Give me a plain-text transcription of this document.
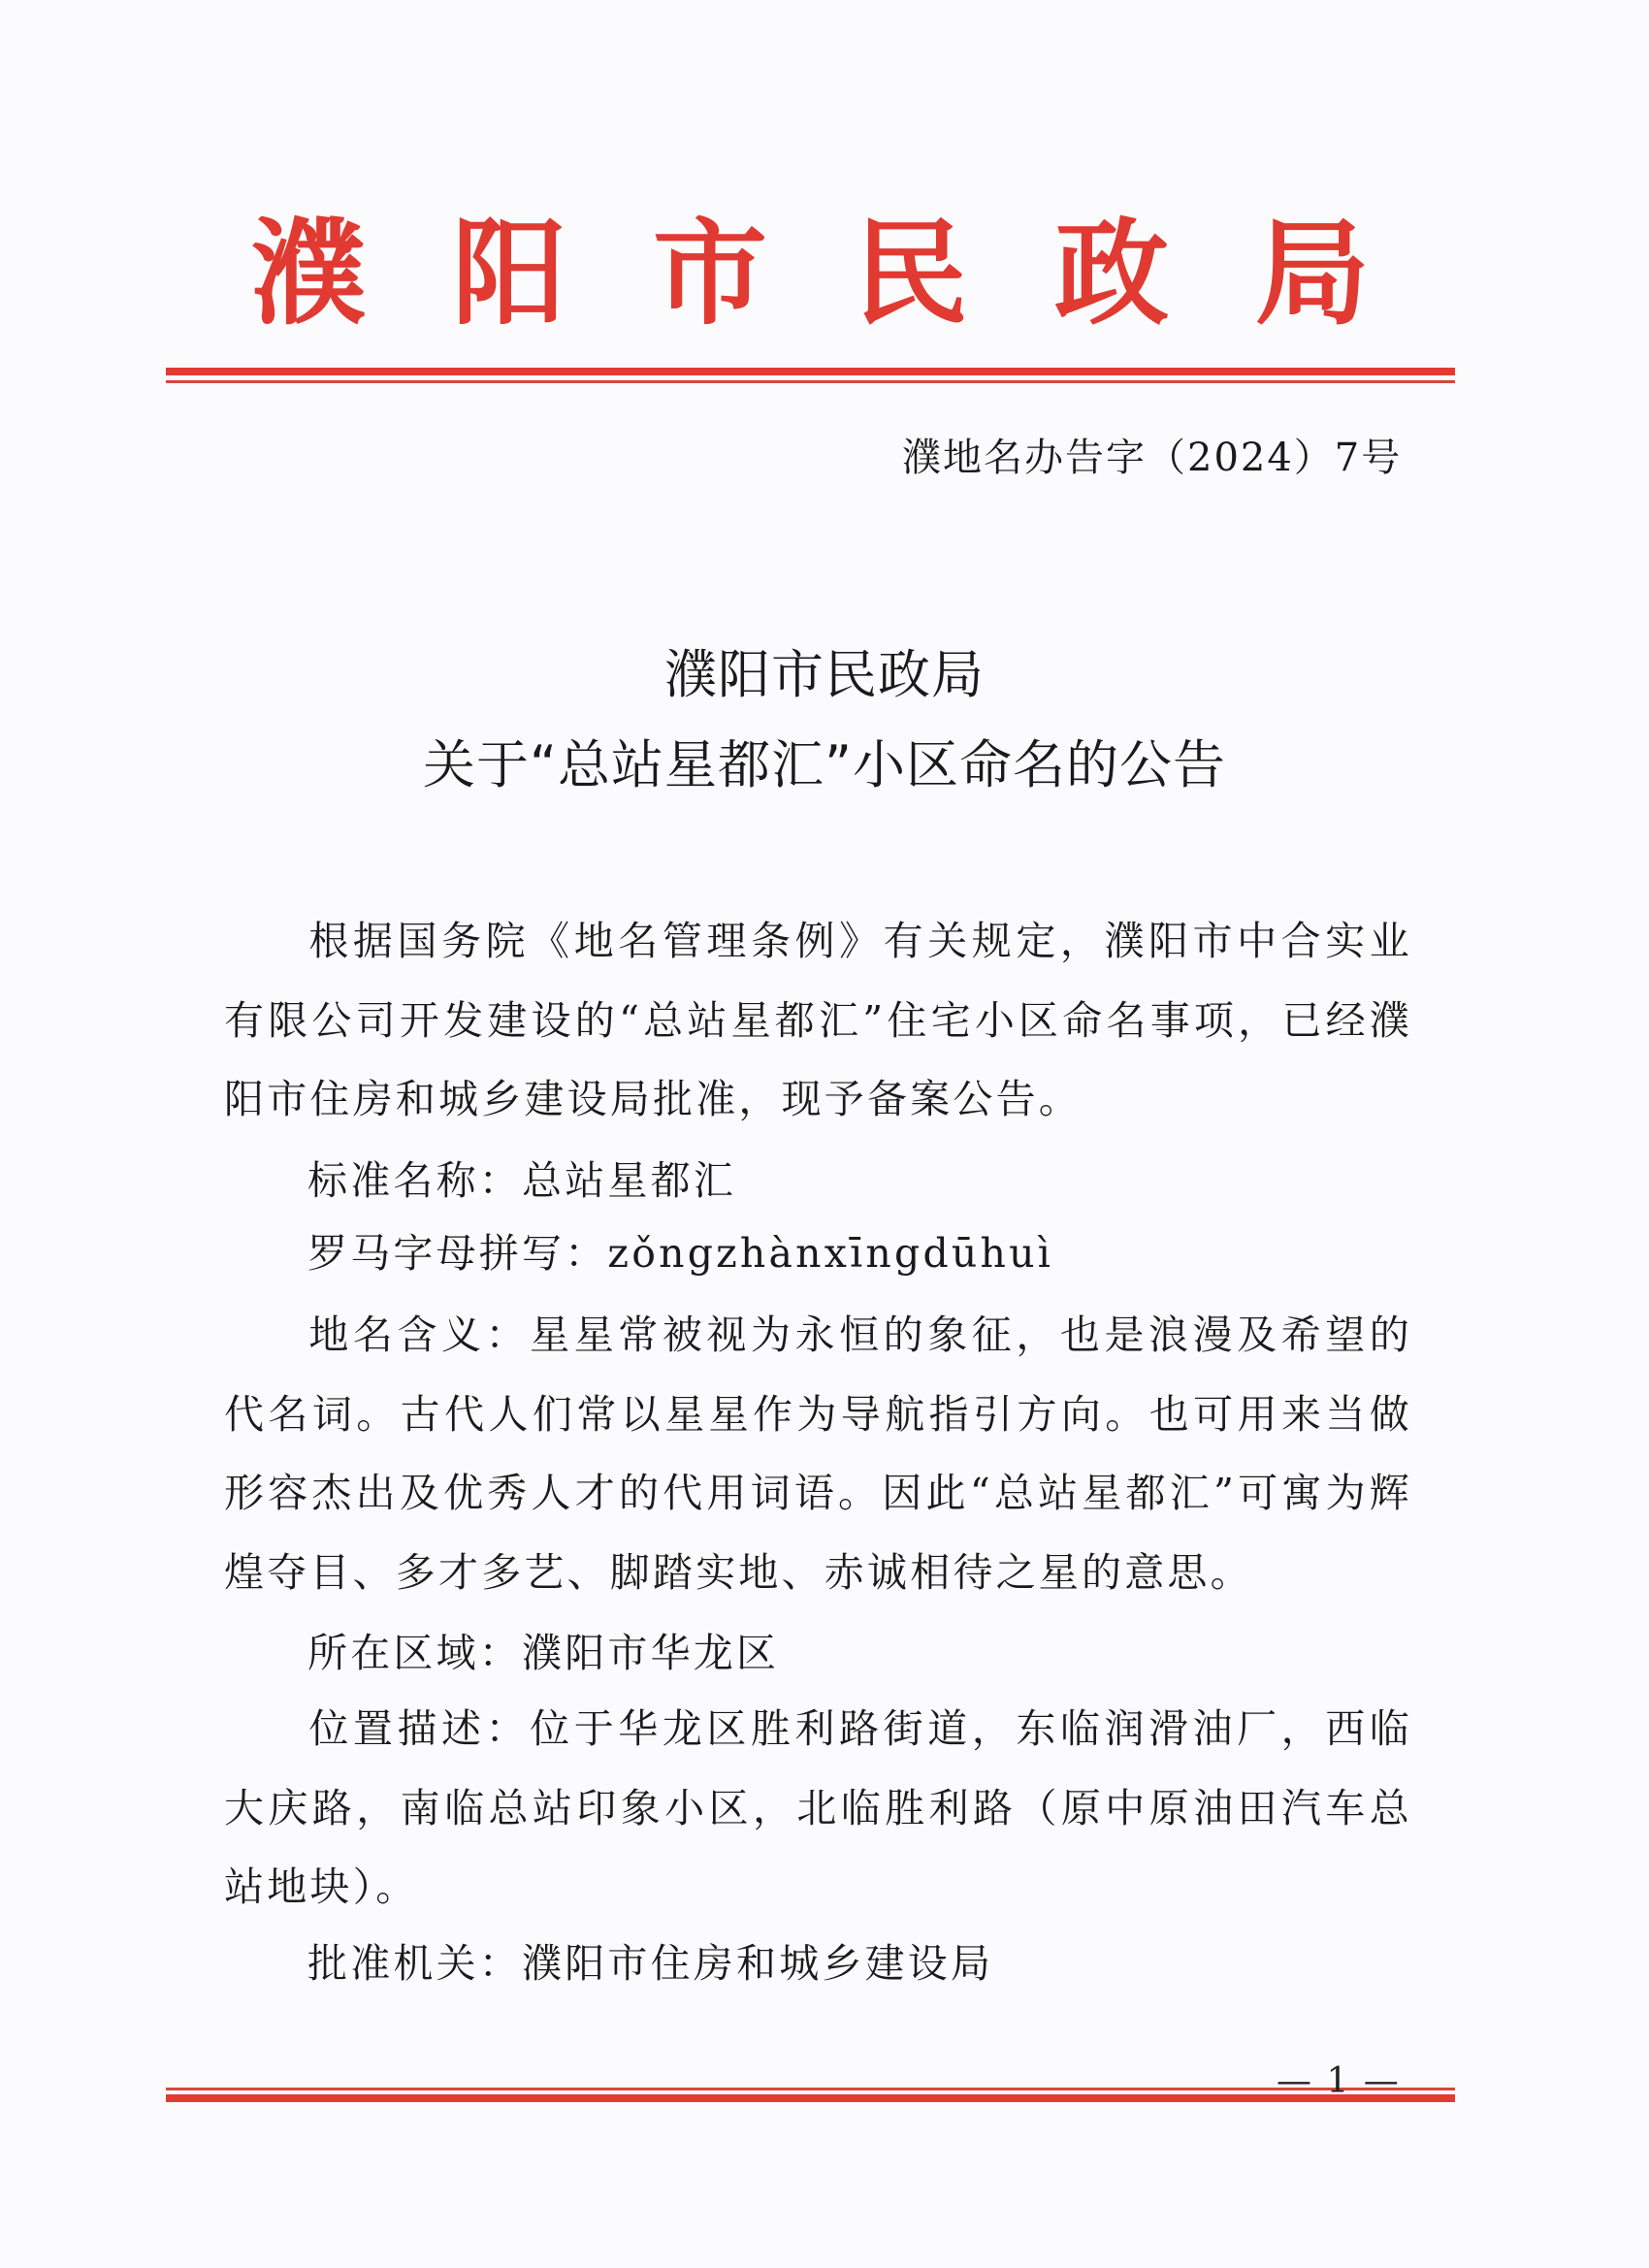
濮 阳 市 民 政 局
濮地名办告字（2024）7号
濮阳市民政局
关于“总站星都汇”小区命名的公告
根据国务院《地名管理条例》有关规定，濮阳市中合实业有限公司开发建设的“总站星都汇”住宅小区命名事项，已经濮阳市住房和城乡建设局批准，现予备案公告。
标准名称：总站星都汇
罗马字母拼写：zǒngzhànxīngdūhuì
地名含义：星星常被视为永恒的象征，也是浪漫及希望的代名词。古代人们常以星星作为导航指引方向。也可用来当做形容杰出及优秀人才的代用词语。因此“总站星都汇”可寓为辉煌夺目、多才多艺、脚踏实地、赤诚相待之星的意思。
所在区域：濮阳市华龙区
位置描述：位于华龙区胜利路街道，东临润滑油厂，西临大庆路，南临总站印象小区，北临胜利路（原中原油田汽车总站地块）。
批准机关：濮阳市住房和城乡建设局
— 1 —
